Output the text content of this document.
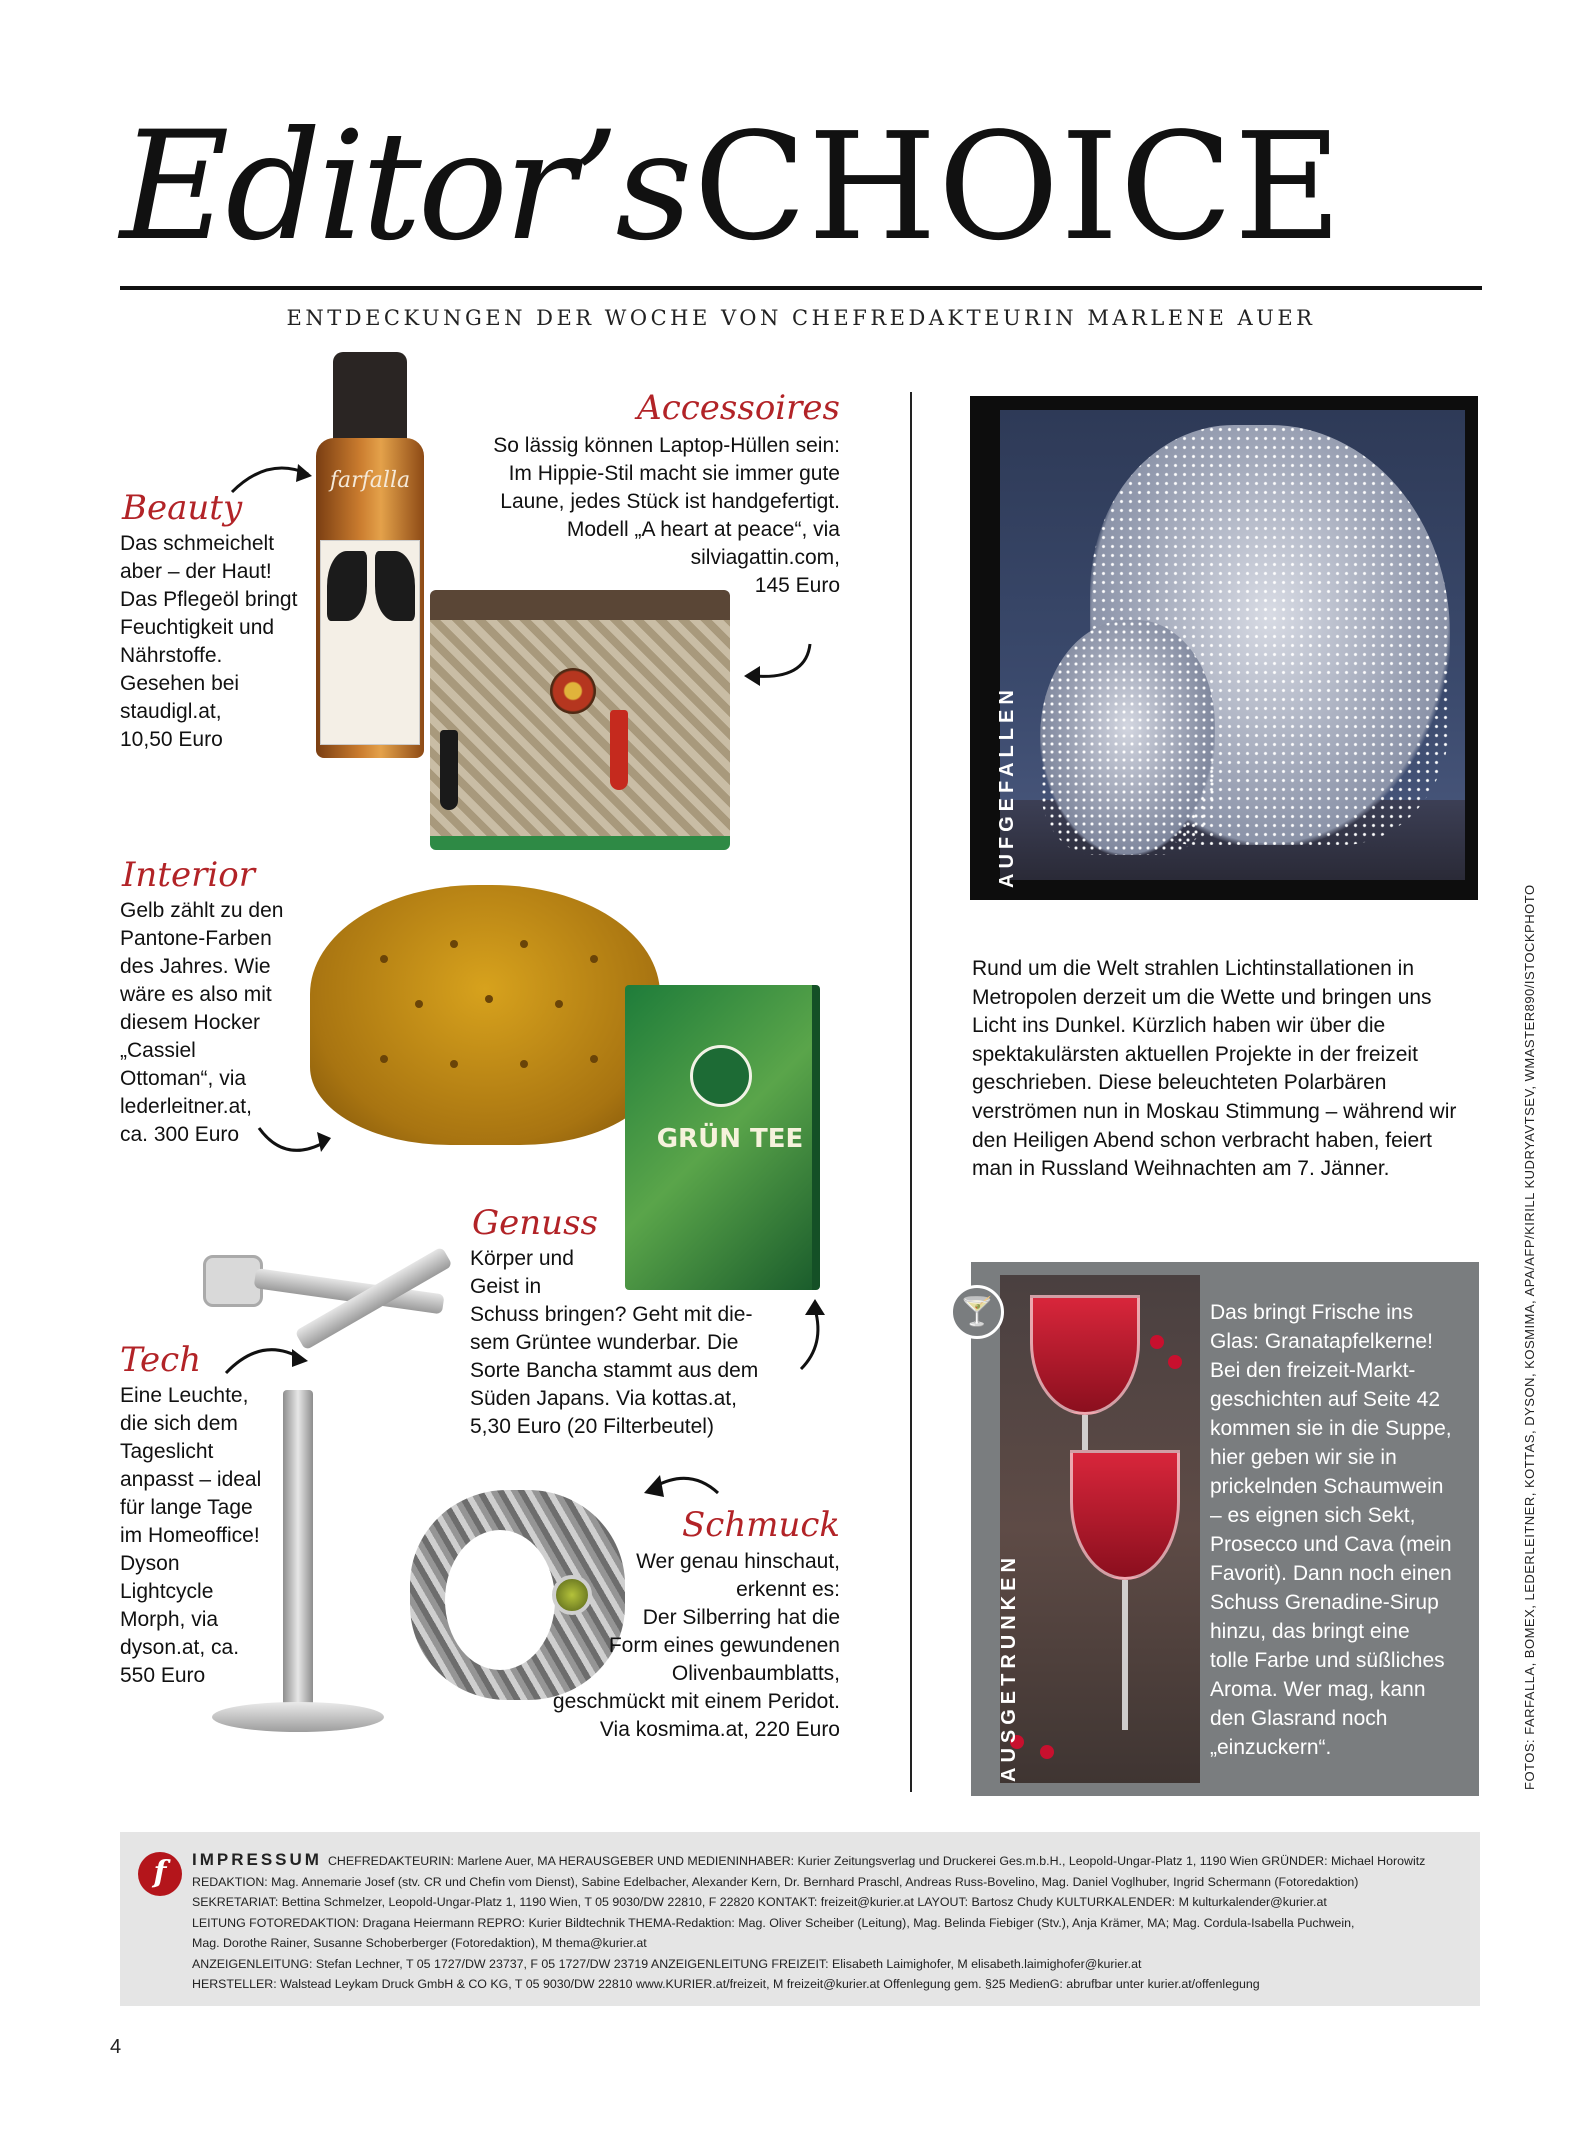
Editor’s CHOICE
ENTDECKUNGEN DER WOCHE VON CHEFREDAKTEURIN MARLENE AUER
Beauty
Das schmeichelt
aber – der Haut!
Das Pflegeöl bringt
Feuchtigkeit und
Nährstoffe.
Gesehen bei
staudigl.at,
10,50 Euro
farfalla
Accessoires
So lässig können Laptop-Hüllen sein:
Im Hippie-Stil macht sie immer gute
Laune, jedes Stück ist handgefertigt.
Modell „A heart at peace“, via
silviagattin.com,
145 Euro
Interior
Gelb zählt zu den
Pantone-Farben
des Jahres. Wie
wäre es also mit
diesem Hocker
„Cassiel
Ottoman“, via
lederleitner.at,
ca. 300 Euro	GRÜN TEE
Genuss
Körper und
Geist in
Schuss bringen? Geht mit die-
sem Grüntee wunderbar. Die
Sorte Bancha stammt aus dem
Süden Japans. Via kottas.at,
5,30 Euro (20 Filterbeutel)
Tech
Eine Leuchte,
die sich dem
Tageslicht
anpasst – ideal
für lange Tage
im Homeoffice!
Dyson
Lightcycle
Morph, via
dyson.at, ca.
550 Euro
Schmuck
Wer genau hinschaut,
erkennt es:
Der Silberring hat die
Form eines gewundenen
Olivenbaumblatts,
geschmückt mit einem Peridot.
Via kosmima.at, 220 Euro
AUFGEFALLEN
Rund um die Welt strahlen Lichtinstallationen in
Metropolen derzeit um die Wette und bringen uns
Licht ins Dunkel. Kürzlich haben wir über die
spektakulärsten aktuellen Projekte in der freizeit
geschrieben. Diese beleuchteten Polarbären
verströmen nun in Moskau Stimmung – während wir
den Heiligen Abend schon verbracht haben, feiert
man in Russland Weihnachten am 7. Jänner.
🍸
AUSGETRUNKEN
Das bringt Frische ins
Glas: Granatapfelkerne!
Bei den freizeit-Markt-
geschichten auf Seite 42
kommen sie in die Suppe,
hier geben wir sie in
prickelnden Schaumwein
– es eignen sich Sekt,
Prosecco und Cava (mein
Favorit). Dann noch einen
Schuss Grenadine-Sirup
hinzu, das bringt eine
tolle Farbe und süßliches
Aroma. Wer mag, kann
den Glasrand noch
„einzuckern“.	FOTOS: FARFALLA, BOMEX, LEDERLEITNER, KOTTAS, DYSON, KOSMIMA, APA/AFP/KIRILL KUDRYAVTSEV, WMASTER890/ISTOCKPHOTO
f	IMPRESSUM CHEFREDAKTEURIN: Marlene Auer, MA HERAUSGEBER UND MEDIENINHABER: Kurier Zeitungsverlag und Druckerei Ges.m.b.H., Leopold-Ungar-Platz 1, 1190 Wien GRÜNDER: Michael Horowitz
REDAKTION: Mag. Annemarie Josef (stv. CR und Chefin vom Dienst), Sabine Edelbacher, Alexander Kern, Dr. Bernhard Praschl, Andreas Russ-Bovelino, Mag. Daniel Voglhuber, Ingrid Schermann (Fotoredaktion)
SEKRETARIAT: Bettina Schmelzer, Leopold-Ungar-Platz 1, 1190 Wien, T 05 9030/DW 22810, F 22820 KONTAKT: freizeit@kurier.at LAYOUT: Bartosz Chudy KULTURKALENDER: M kulturkalender@kurier.at
LEITUNG FOTOREDAKTION: Dragana Heiermann REPRO: Kurier Bildtechnik THEMA-Redaktion: Mag. Oliver Scheiber (Leitung), Mag. Belinda Fiebiger (Stv.), Anja Krämer, MA; Mag. Cordula-Isabella Puchwein,
Mag. Dorothe Rainer, Susanne Schoberberger (Fotoredaktion), M thema@kurier.at
ANZEIGENLEITUNG: Stefan Lechner, T 05 1727/DW 23737, F 05 1727/DW 23719 ANZEIGENLEITUNG FREIZEIT: Elisabeth Laimighofer, M elisabeth.laimighofer@kurier.at
HERSTELLER: Walstead Leykam Druck GmbH & CO KG, T 05 9030/DW 22810 www.KURIER.at/freizeit, M freizeit@kurier.at Offenlegung gem. §25 MedienG: abrufbar unter kurier.at/offenlegung
4
